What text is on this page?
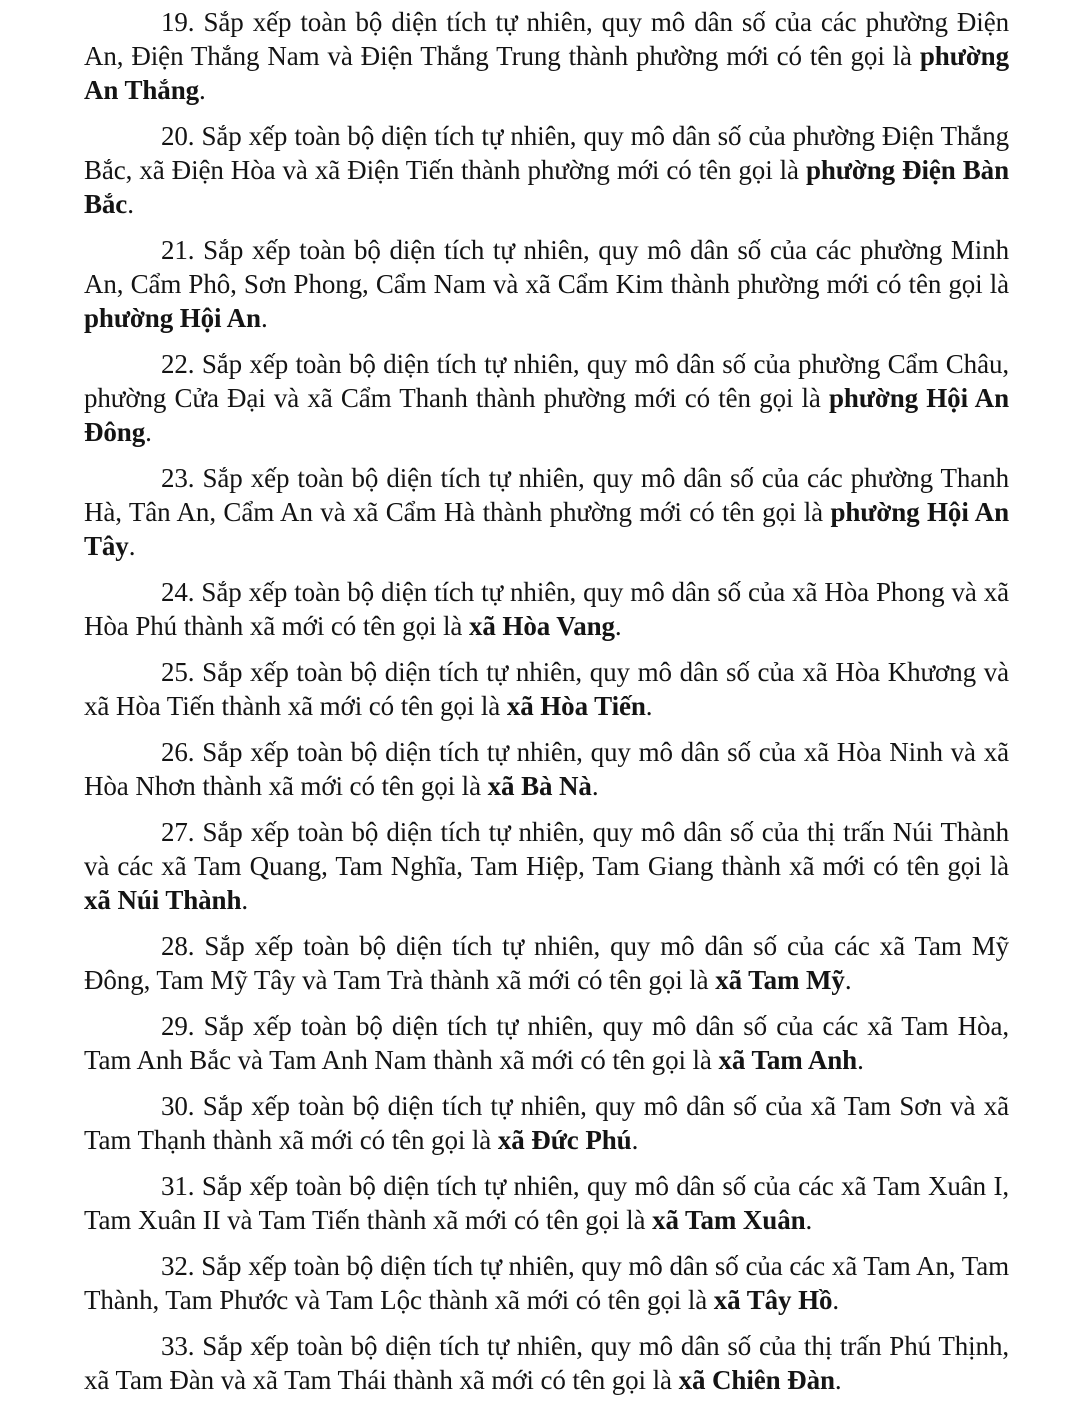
19. Sắp xếp toàn bộ diện tích tự nhiên, quy mô dân số của các phường Điện An, Điện Thắng Nam và Điện Thắng Trung thành phường mới có tên gọi là phường An Thắng.

20. Sắp xếp toàn bộ diện tích tự nhiên, quy mô dân số của phường Điện Thắng Bắc, xã Điện Hòa và xã Điện Tiến thành phường mới có tên gọi là phường Điện Bàn Bắc.

21. Sắp xếp toàn bộ diện tích tự nhiên, quy mô dân số của các phường Minh An, Cẩm Phô, Sơn Phong, Cẩm Nam và xã Cẩm Kim thành phường mới có tên gọi là phường Hội An.

22. Sắp xếp toàn bộ diện tích tự nhiên, quy mô dân số của phường Cẩm Châu, phường Cửa Đại và xã Cẩm Thanh thành phường mới có tên gọi là phường Hội An Đông.

23. Sắp xếp toàn bộ diện tích tự nhiên, quy mô dân số của các phường Thanh Hà, Tân An, Cẩm An và xã Cẩm Hà thành phường mới có tên gọi là phường Hội An Tây.

24. Sắp xếp toàn bộ diện tích tự nhiên, quy mô dân số của xã Hòa Phong và xã Hòa Phú thành xã mới có tên gọi là xã Hòa Vang.

25. Sắp xếp toàn bộ diện tích tự nhiên, quy mô dân số của xã Hòa Khương và xã Hòa Tiến thành xã mới có tên gọi là xã Hòa Tiến.

26. Sắp xếp toàn bộ diện tích tự nhiên, quy mô dân số của xã Hòa Ninh và xã Hòa Nhơn thành xã mới có tên gọi là xã Bà Nà.

27. Sắp xếp toàn bộ diện tích tự nhiên, quy mô dân số của thị trấn Núi Thành và các xã Tam Quang, Tam Nghĩa, Tam Hiệp, Tam Giang thành xã mới có tên gọi là xã Núi Thành.

28. Sắp xếp toàn bộ diện tích tự nhiên, quy mô dân số của các xã Tam Mỹ Đông, Tam Mỹ Tây và Tam Trà thành xã mới có tên gọi là xã Tam Mỹ.

29. Sắp xếp toàn bộ diện tích tự nhiên, quy mô dân số của các xã Tam Hòa, Tam Anh Bắc và Tam Anh Nam thành xã mới có tên gọi là xã Tam Anh.

30. Sắp xếp toàn bộ diện tích tự nhiên, quy mô dân số của xã Tam Sơn và xã Tam Thạnh thành xã mới có tên gọi là xã Đức Phú.

31. Sắp xếp toàn bộ diện tích tự nhiên, quy mô dân số của các xã Tam Xuân I, Tam Xuân II và Tam Tiến thành xã mới có tên gọi là xã Tam Xuân.

32. Sắp xếp toàn bộ diện tích tự nhiên, quy mô dân số của các xã Tam An, Tam Thành, Tam Phước và Tam Lộc thành xã mới có tên gọi là xã Tây Hồ.

33. Sắp xếp toàn bộ diện tích tự nhiên, quy mô dân số của thị trấn Phú Thịnh, xã Tam Đàn và xã Tam Thái thành xã mới có tên gọi là xã Chiên Đàn.
